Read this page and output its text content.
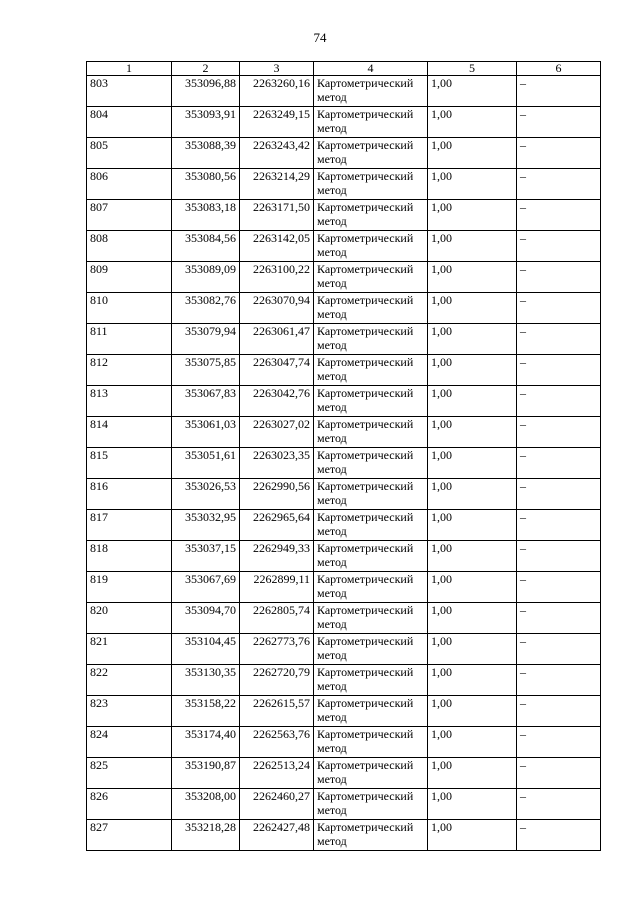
74
1	2	3	4	5	6
803	353096,88	2263260,16	Картометрический метод	1,00	–
804	353093,91	2263249,15	Картометрический метод	1,00	–
805	353088,39	2263243,42	Картометрический метод	1,00	–
806	353080,56	2263214,29	Картометрический метод	1,00	–
807	353083,18	2263171,50	Картометрический метод	1,00	–
808	353084,56	2263142,05	Картометрический метод	1,00	–
809	353089,09	2263100,22	Картометрический метод	1,00	–
810	353082,76	2263070,94	Картометрический метод	1,00	–
811	353079,94	2263061,47	Картометрический метод	1,00	–
812	353075,85	2263047,74	Картометрический метод	1,00	–
813	353067,83	2263042,76	Картометрический метод	1,00	–
814	353061,03	2263027,02	Картометрический метод	1,00	–
815	353051,61	2263023,35	Картометрический метод	1,00	–
816	353026,53	2262990,56	Картометрический метод	1,00	–
817	353032,95	2262965,64	Картометрический метод	1,00	–
818	353037,15	2262949,33	Картометрический метод	1,00	–
819	353067,69	2262899,11	Картометрический метод	1,00	–
820	353094,70	2262805,74	Картометрический метод	1,00	–
821	353104,45	2262773,76	Картометрический метод	1,00	–
822	353130,35	2262720,79	Картометрический метод	1,00	–
823	353158,22	2262615,57	Картометрический метод	1,00	–
824	353174,40	2262563,76	Картометрический метод	1,00	–
825	353190,87	2262513,24	Картометрический метод	1,00	–
826	353208,00	2262460,27	Картометрический метод	1,00	–
827	353218,28	2262427,48	Картометрический метод	1,00	–
